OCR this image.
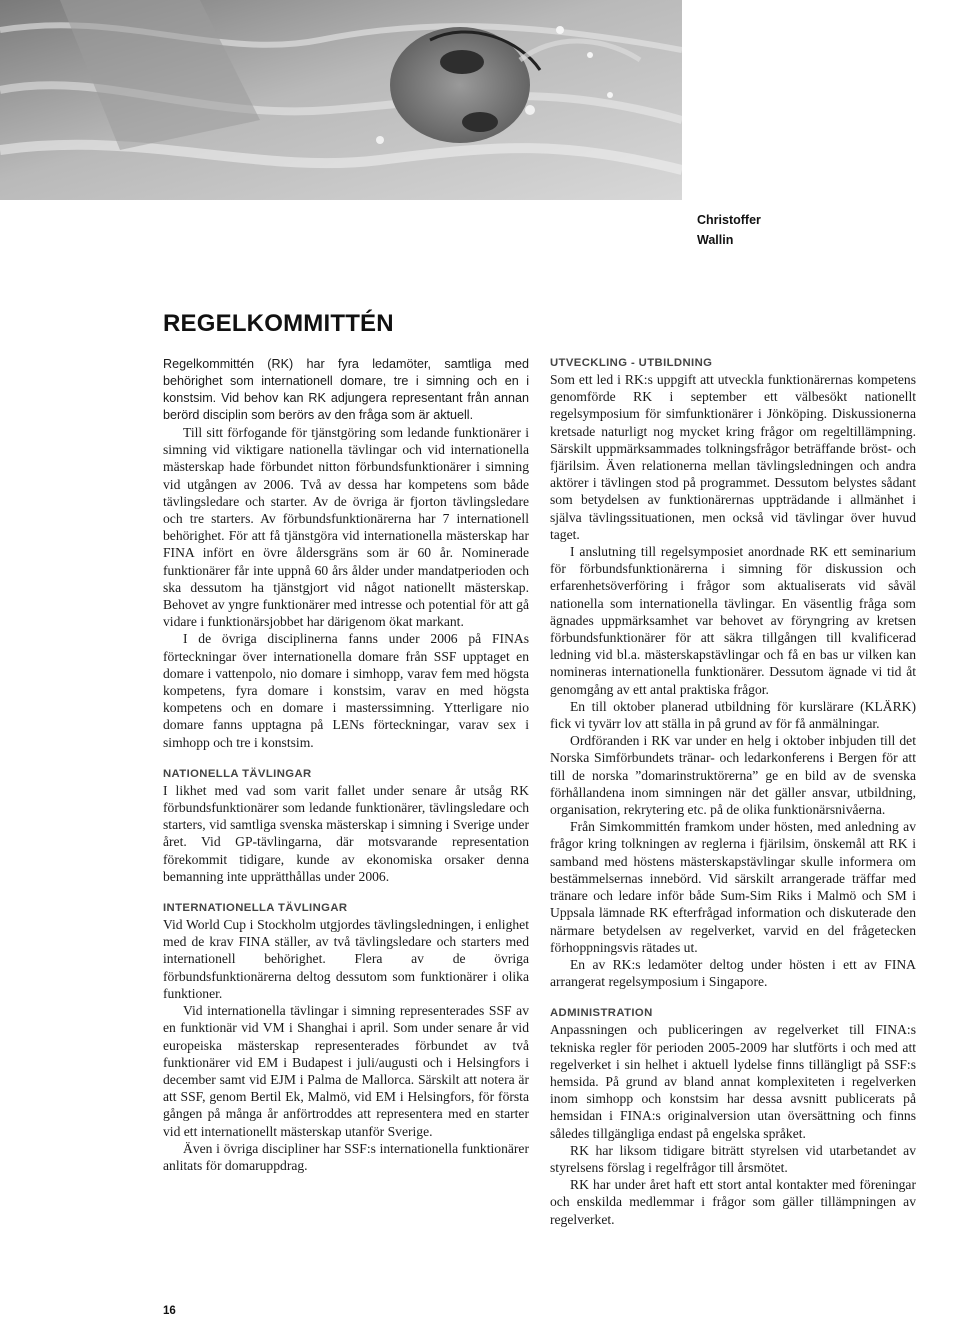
Christoffer
Wallin
REGELKOMMITTÉN

Regelkommittén (RK) har fyra ledamöter, samtliga med behörighet som internationell domare, tre i simning och en i konstsim. Vid behov kan RK adjungera representant från annan berörd disciplin som berörs av den fråga som är aktuell.

Till sitt förfogande för tjänstgöring som ledande funktionärer i simning vid viktigare nationella tävlingar och vid internationella mästerskap hade förbundet nitton förbundsfunktionärer i simning vid utgången av 2006. Två av dessa har kompetens som både tävlingsledare och starter. Av de övriga är fjorton tävlingsledare och tre starters. Av förbundsfunktionärerna har 7 internationell behörighet. För att få tjänstgöra vid internationella mästerskap har FINA infört en övre åldersgräns som är 60 år. Nominerade funktionärer får inte uppnå 60 års ålder under mandatperioden och ska dessutom ha tjänstgjort vid något nationellt mästerskap. Behovet av yngre funktionärer med intresse och potential för att gå vidare i funktionärsjobbet har därigenom ökat markant.

I de övriga disciplinerna fanns under 2006 på FINAs förteckningar över internationella domare från SSF upptaget en domare i vattenpolo, nio domare i simhopp, varav fem med högsta kompetens, fyra domare i konstsim, varav en med högsta kompetens och en domare i masterssimning. Ytterligare nio domare fanns upptagna på LENs förteckningar, varav sex i simhopp och tre i konstsim.

NATIONELLA TÄVLINGAR

I likhet med vad som varit fallet under senare år utsåg RK förbundsfunktionärer som ledande funktionärer, tävlingsledare och starters, vid samtliga svenska mästerskap i simning i Sverige under året. Vid GP-tävlingarna, där motsvarande representation förekommit tidigare, kunde av ekonomiska orsaker denna bemanning inte upprätthållas under 2006.

INTERNATIONELLA TÄVLINGAR

Vid World Cup i Stockholm utgjordes tävlingsledningen, i enlighet med de krav FINA ställer, av två tävlingsledare och starters med internationell behörighet. Flera av de övriga förbundsfunktionärerna deltog dessutom som funktionärer i olika funktioner.

Vid internationella tävlingar i simning representerades SSF av en funktionär vid VM i Shanghai i april. Som under senare år vid europeiska mästerskap representerades förbundet av två funktionärer vid EM i Budapest i juli/augusti och i Helsingfors i december samt vid EJM i Palma de Mallorca. Särskilt att notera är att SSF, genom Bertil Ek, Malmö, vid EM i Helsingfors, för första gången på många år anförtroddes att representera med en starter vid ett internationellt mästerskap utanför Sverige.

Även i övriga discipliner har SSF:s internationella funktionärer anlitats för domaruppdrag.

UTVECKLING - UTBILDNING

Som ett led i RK:s uppgift att utveckla funktionärernas kompetens genomförde RK i september ett välbesökt nationellt regelsymposium för simfunktionärer i Jönköping. Diskussionerna kretsade naturligt nog mycket kring frågor om regeltillämpning. Särskilt uppmärksammades tolkningsfrågor beträffande bröst- och fjärilsim. Även relationerna mellan tävlingsledningen och andra aktörer i tävlingen stod på programmet. Dessutom belystes sådant som betydelsen av funktionärernas uppträdande i allmänhet i själva tävlingssituationen, men också vid tävlingar över huvud taget.

I anslutning till regelsymposiet anordnade RK ett seminarium för förbundsfunktionärerna i simning för diskussion och erfarenhetsöverföring i frågor som aktualiserats vid såväl nationella som internationella tävlingar. En väsentlig fråga som ägnades uppmärksamhet var behovet av föryngring av kretsen förbundsfunktionärer för att säkra tillgången till kvalificerad ledning vid bl.a. mästerskapstävlingar och få en bas ur vilken kan nomineras internationella funktionärer. Dessutom ägnade vi tid åt genomgång av ett antal praktiska frågor.

En till oktober planerad utbildning för kurslärare (KLÄRK) fick vi tyvärr lov att ställa in på grund av för få anmälningar.

Ordföranden i RK var under en helg i oktober inbjuden till det Norska Simförbundets tränar- och ledarkonferens i Bergen för att till de norska ”domarinstruktörerna” ge en bild av de svenska förhållandena inom simningen när det gäller ansvar, utbildning, organisation, rekrytering etc. på de olika funktionärsnivåerna.

Från Simkommittén framkom under hösten, med anledning av frågor kring tolkningen av reglerna i fjärilsim, önskemål att RK i samband med höstens mästerskapstävlingar skulle informera om bestämmelsernas innebörd. Vid särskilt arrangerade träffar med tränare och ledare inför både Sum-Sim Riks i Malmö och SM i Uppsala lämnade RK efterfrågad information och diskuterade den närmare betydelsen av regelverket, varvid en del frågetecken förhoppningsvis rätades ut.

En av RK:s ledamöter deltog under hösten i ett av FINA arrangerat regelsymposium i Singapore.

ADMINISTRATION

Anpassningen och publiceringen av regelverket till FINA:s tekniska regler för perioden 2005-2009 har slutförts i och med att regelverket i sin helhet i aktuell lydelse finns tillängligt på SSF:s hemsida. På grund av bland annat komplexiteten i regelverken inom simhopp och konstsim har dessa avsnitt publicerats på hemsidan i FINA:s originalversion utan översättning och finns således tillgängliga endast på engelska språket.

RK har liksom tidigare biträtt styrelsen vid utarbetandet av styrelsens förslag i regelfrågor till årsmötet.

RK har under året haft ett stort antal kontakter med föreningar och enskilda medlemmar i frågor som gäller tillämpningen av regelverket.

16
